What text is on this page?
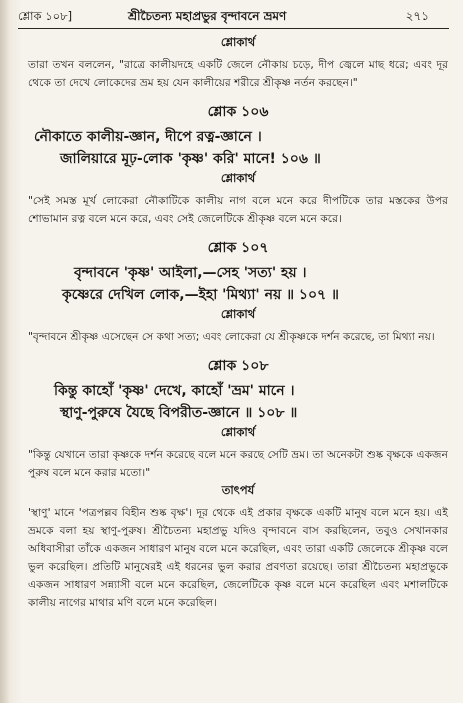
শ্লোক ১০৮]	শ্রীচৈতন্য মহাপ্রভুর বৃন্দাবনে ভ্রমণ	২৭১
শ্লোকার্থ

তারা তখন বললেন, "রাত্রে কালীয়দহে একটি জেলে নৌকায় চড়ে, দীপ জ্বেলে মাছ ধরে; এবং দূর থেকে তা দেখে লোকেদের ভ্রম হয় যেন কালীয়ের শরীরে শ্রীকৃষ্ণ নর্তন করছেন।"

শ্লোক ১০৬
নৌকাতে কালীয়-জ্ঞান, দীপে রত্ন-জ্ঞানে ।
জালিয়ারে মূঢ়-লোক 'কৃষ্ণ' করি' মানে! ১০৬ ॥
শ্লোকার্থ

"সেই সমস্ত মূর্খ লোকেরা নৌকাটিকে কালীয় নাগ বলে মনে করে দীপটিকে তার মস্তকের উপর শোভামান রত্ন বলে মনে করে, এবং সেই জেলেটিকে শ্রীকৃষ্ণ বলে মনে করে।

শ্লোক ১০৭
বৃন্দাবনে 'কৃষ্ণ' আইলা,—সেহ 'সত্য' হয় ।
কৃষ্ণেরে দেখিল লোক,—ইহা 'মিথ্যা' নয় ॥ ১০৭ ॥
শ্লোকার্থ

"বৃন্দাবনে শ্রীকৃষ্ণ এসেছেন সে কথা সত্য; এবং লোকেরা যে শ্রীকৃষ্ণকে দর্শন করেছে, তা মিথ্যা নয়।

শ্লোক ১০৮
কিন্তু কাহোঁ 'কৃষ্ণ' দেখে, কাহোঁ 'ভ্রম' মানে ।
স্থাণু-পুরুষে যৈছে বিপরীত-জ্ঞানে ॥ ১০৮ ॥
শ্লোকার্থ

"কিন্তু যেখানে তারা কৃষ্ণকে দর্শন করেছে বলে মনে করছে সেটি ভ্রম। তা অনেকটা শুষ্ক বৃক্ষকে একজন পুরুষ বলে মনে করার মতো।"

তাৎপর্য

'স্থাণু' মানে 'পত্রপল্লব বিহীন শুষ্ক বৃক্ষ'। দূর থেকে এই প্রকার বৃক্ষকে একটি মানুষ বলে মনে হয়। এই ভ্রমকে বলা হয় স্থাণু-পুরুষ। শ্রীচৈতন্য মহাপ্রভু যদিও বৃন্দাবনে বাস করছিলেন, তবুও সেখানকার অধিবাসীরা তাঁকে একজন সাধারণ মানুষ বলে মনে করেছিল, এবং তারা একটি জেলেকে শ্রীকৃষ্ণ বলে ভুল করেছিল। প্রতিটি মানুষেরই এই ধরনের ভুল করার প্রবণতা রয়েছে। তারা শ্রীচৈতন্য মহাপ্রভুকে একজন সাধারণ সন্ন্যাসী বলে মনে করেছিল, জেলেটিকে কৃষ্ণ বলে মনে করেছিল এবং মশালটিকে কালীয় নাগের মাথার মণি বলে মনে করেছিল।
